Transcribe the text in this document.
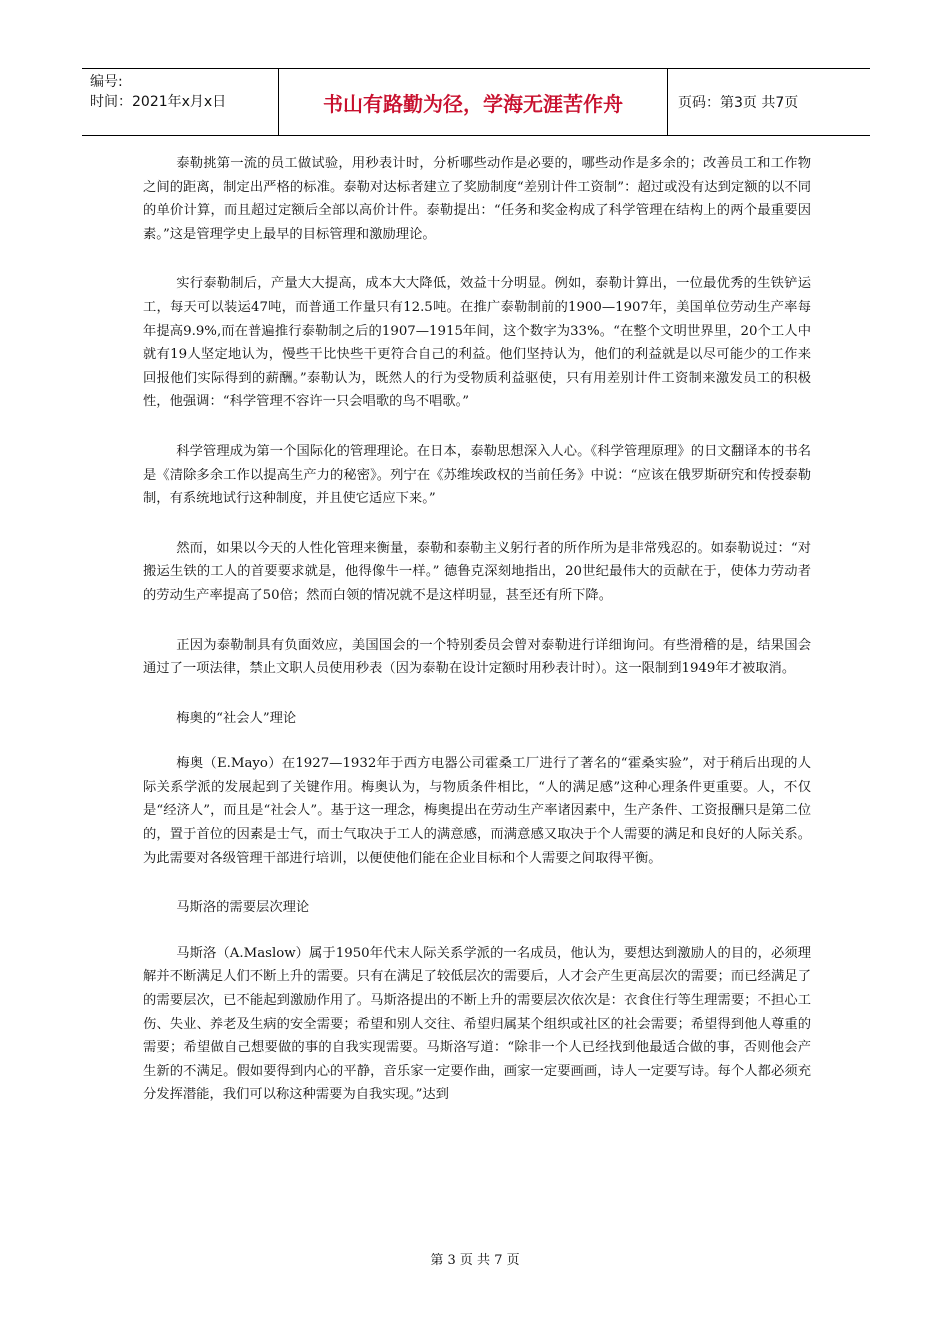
编号:
时间：2021年x月x日	书山有路勤为径，学海无涯苦作舟	页码：第3页 共7页

泰勒挑第一流的员工做试验，用秒表计时，分析哪些动作是必要的，哪些动作是多余的；改善员工和工作物之间的距离，制定出严格的标准。泰勒对达标者建立了奖励制度“差别计件工资制”：超过或没有达到定额的以不同的单价计算，而且超过定额后全部以高价计件。泰勒提出：“任务和奖金构成了科学管理在结构上的两个最重要因素。”这是管理学史上最早的目标管理和激励理论。

实行泰勒制后，产量大大提高，成本大大降低，效益十分明显。例如，泰勒计算出，一位最优秀的生铁铲运工，每天可以装运47吨，而普通工作量只有12.5吨。在推广泰勒制前的1900—1907年，美国单位劳动生产率每年提高9.9%,而在普遍推行泰勒制之后的1907—1915年间，这个数字为33%。“在整个文明世界里，20个工人中就有19人坚定地认为，慢些干比快些干更符合自己的利益。他们坚持认为，他们的利益就是以尽可能少的工作来回报他们实际得到的薪酬。”泰勒认为，既然人的行为受物质利益驱使，只有用差别计件工资制来激发员工的积极性，他强调：“科学管理不容许一只会唱歌的鸟不唱歌。”

科学管理成为第一个国际化的管理理论。在日本，泰勒思想深入人心。《科学管理原理》的日文翻译本的书名是《清除多余工作以提高生产力的秘密》。列宁在《苏维埃政权的当前任务》中说：“应该在俄罗斯研究和传授泰勒制，有系统地试行这种制度，并且使它适应下来。”

然而，如果以今天的人性化管理来衡量，泰勒和泰勒主义躬行者的所作所为是非常残忍的。如泰勒说过：“对搬运生铁的工人的首要要求就是，他得像牛一样。” 德鲁克深刻地指出，20世纪最伟大的贡献在于，使体力劳动者的劳动生产率提高了50倍；然而白领的情况就不是这样明显，甚至还有所下降。

正因为泰勒制具有负面效应，美国国会的一个特别委员会曾对泰勒进行详细询问。有些滑稽的是，结果国会通过了一项法律，禁止文职人员使用秒表（因为泰勒在设计定额时用秒表计时）。这一限制到1949年才被取消。

梅奥的“社会人”理论

梅奥（E.Mayo）在1927—1932年于西方电器公司霍桑工厂进行了著名的“霍桑实验”，对于稍后出现的人际关系学派的发展起到了关键作用。梅奥认为，与物质条件相比，“人的满足感”这种心理条件更重要。人，不仅是“经济人”，而且是“社会人”。基于这一理念，梅奥提出在劳动生产率诸因素中，生产条件、工资报酬只是第二位的，置于首位的因素是士气，而士气取决于工人的满意感，而满意感又取决于个人需要的满足和良好的人际关系。为此需要对各级管理干部进行培训，以便使他们能在企业目标和个人需要之间取得平衡。

马斯洛的需要层次理论

马斯洛（A.Maslow）属于1950年代末人际关系学派的一名成员，他认为，要想达到激励人的目的，必须理解并不断满足人们不断上升的需要。只有在满足了较低层次的需要后，人才会产生更高层次的需要；而已经满足了的需要层次，已不能起到激励作用了。马斯洛提出的不断上升的需要层次依次是：衣食住行等生理需要；不担心工伤、失业、养老及生病的安全需要；希望和别人交往、希望归属某个组织或社区的社会需要；希望得到他人尊重的需要；希望做自己想要做的事的自我实现需要。马斯洛写道：“除非一个人已经找到他最适合做的事，否则他会产生新的不满足。假如要得到内心的平静，音乐家一定要作曲，画家一定要画画，诗人一定要写诗。每个人都必须充分发挥潜能，我们可以称这种需要为自我实现。”达到

第 3 页 共 7 页
